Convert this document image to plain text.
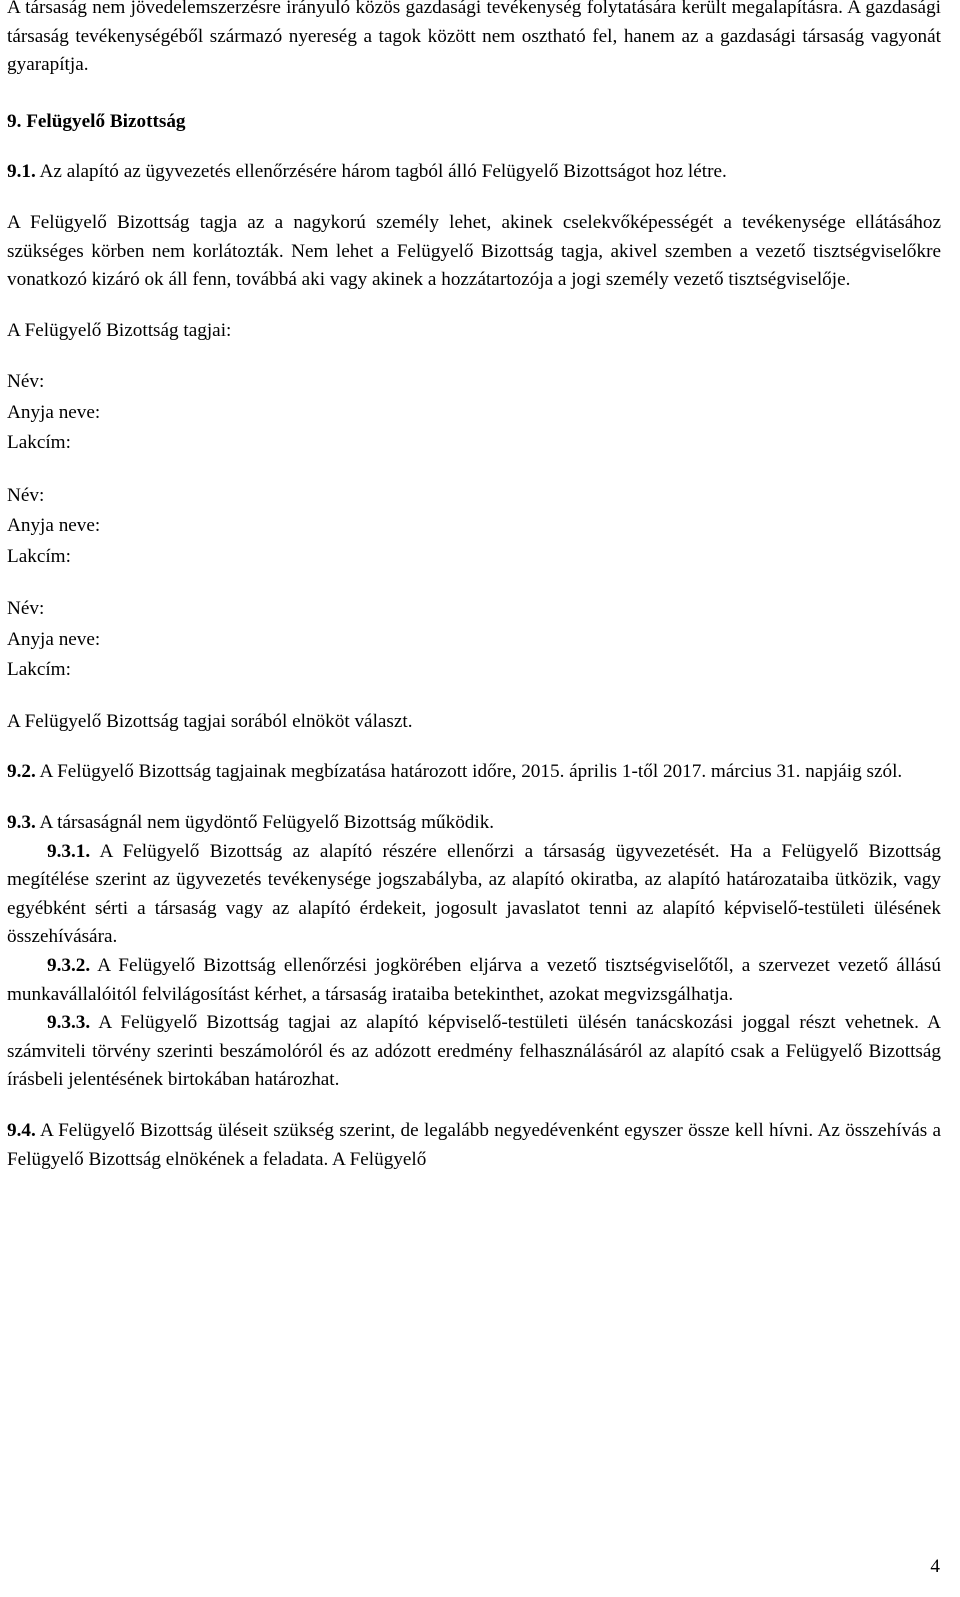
A társaság nem jövedelemszerzésre irányuló közös gazdasági tevékenység folytatására került megalapításra. A gazdasági társaság tevékenységéből származó nyereség a tagok között nem osztható fel, hanem az a gazdasági társaság vagyonát gyarapítja.

9. Felügyelő Bizottság

9.1. Az alapító az ügyvezetés ellenőrzésére három tagból álló Felügyelő Bizottságot hoz létre.

A Felügyelő Bizottság tagja az a nagykorú személy lehet, akinek cselekvőképességét a tevékenysége ellátásához szükséges körben nem korlátozták. Nem lehet a Felügyelő Bizottság tagja, akivel szemben a vezető tisztségviselőkre vonatkozó kizáró ok áll fenn, továbbá aki vagy akinek a hozzátartozója a jogi személy vezető tisztségviselője.

A Felügyelő Bizottság tagjai:

Név:
Anyja neve:
Lakcím:
Név:
Anyja neve:
Lakcím:
Név:
Anyja neve:
Lakcím:

A Felügyelő Bizottság tagjai sorából elnököt választ.

9.2. A Felügyelő Bizottság tagjainak megbízatása határozott időre, 2015. április 1-től 2017. március 31. napjáig szól.

9.3. A társaságnál nem ügydöntő Felügyelő Bizottság működik.

9.3.1. A Felügyelő Bizottság az alapító részére ellenőrzi a társaság ügyvezetését. Ha a Felügyelő Bizottság megítélése szerint az ügyvezetés tevékenysége jogszabályba, az alapító okiratba, az alapító határozataiba ütközik, vagy egyébként sérti a társaság vagy az alapító érdekeit, jogosult javaslatot tenni az alapító képviselő-testületi ülésének összehívására.

9.3.2. A Felügyelő Bizottság ellenőrzési jogkörében eljárva a vezető tisztségviselőtől, a szervezet vezető állású munkavállalóitól felvilágosítást kérhet, a társaság irataiba betekinthet, azokat megvizsgálhatja.

9.3.3. A Felügyelő Bizottság tagjai az alapító képviselő-testületi ülésén tanácskozási joggal részt vehetnek. A számviteli törvény szerinti beszámolóról és az adózott eredmény felhasználásáról az alapító csak a Felügyelő Bizottság írásbeli jelentésének birtokában határozhat.

9.4. A Felügyelő Bizottság üléseit szükség szerint, de legalább negyedévenként egyszer össze kell hívni. Az összehívás a Felügyelő Bizottság elnökének a feladata. A Felügyelő

4
